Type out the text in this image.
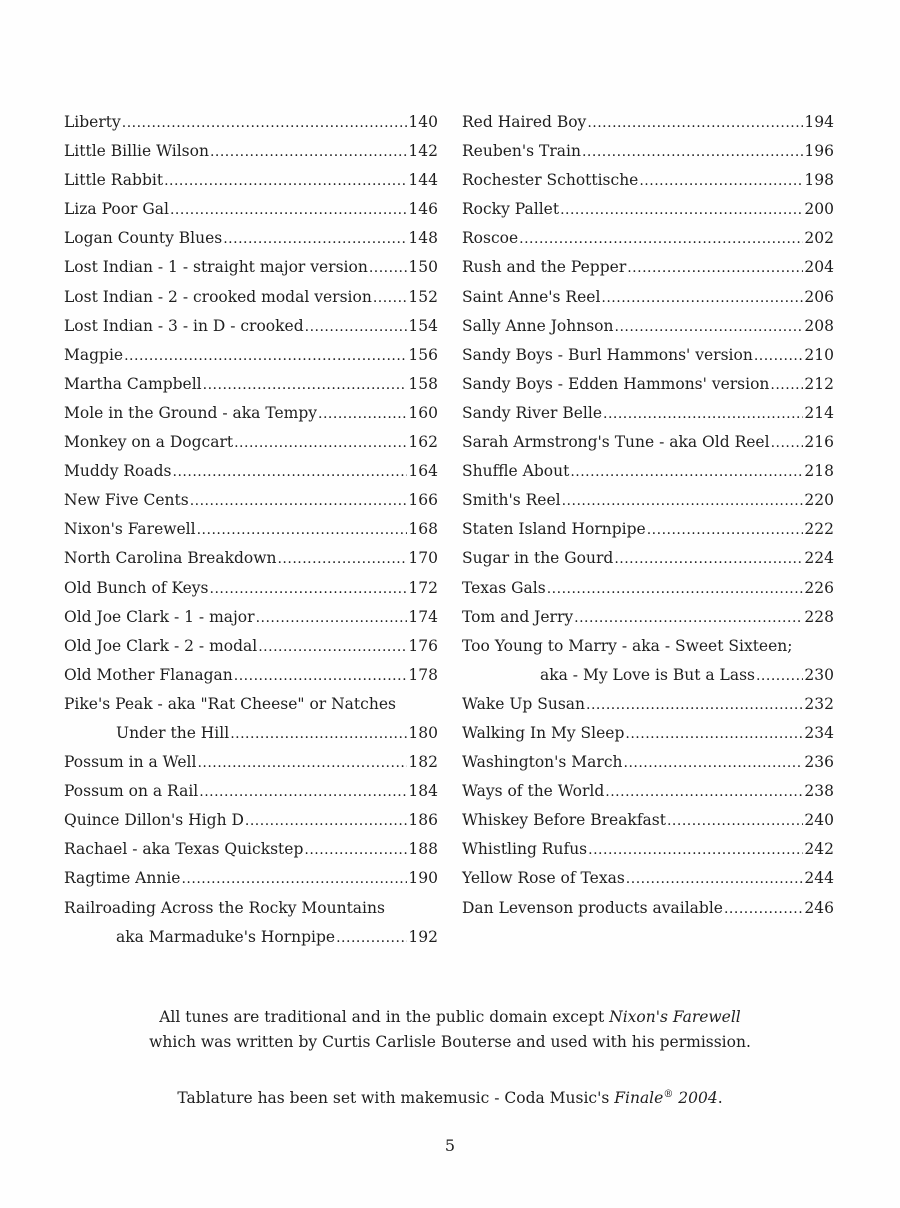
Liberty .....	140
Little Billie Wilson .....	142
Little Rabbit .....	144
Liza Poor Gal .....	146
Logan County Blues .....	148
Lost Indian - 1 - straight major version .....	150
Lost Indian - 2 - crooked modal version ..... 152
Lost Indian - 3 - in D - crooked .....	154
Magpie .....	156
Martha Campbell .....	158
Mole in the Ground - aka Tempy .....	160
Monkey on a Dogcart .....	162
Muddy Roads .....	164
New Five Cents .....	166
Nixon's Farewell .....	168
North Carolina Breakdown .....	170
Old Bunch of Keys .....	172
Old Joe Clark - 1 - major .....	174
Old Joe Clark - 2 - modal .....	176
Old Mother Flanagan .....	178
Pike's Peak - aka "Rat Cheese" or Natches
Under the Hill .....	180
Possum in a Well .....	182
Possum on a Rail .....	184
Quince Dillon's High D .....	186
Rachael - aka Texas Quickstep .....	188
Ragtime Annie .....	190
Railroading Across the Rocky Mountains
aka Marmaduke's Hornpipe .....	192
Red Haired Boy .....	194
Reuben's Train .....	196
Rochester Schottische .....	198
Rocky Pallet .....	200
Roscoe .....	202
Rush and the Pepper .....	204
Saint Anne's Reel .....	206
Sally Anne Johnson .....	208
Sandy Boys - Burl Hammons' version .....	210
Sandy Boys - Edden Hammons' version ..... 212
Sandy River Belle .....	214
Sarah Armstrong's Tune - aka Old Reel ..... 216
Shuffle About .....	218
Smith's Reel .....	220
Staten Island Hornpipe .....	222
Sugar in the Gourd .....	224
Texas Gals .....	226
Tom and Jerry .....	228
Too Young to Marry - aka - Sweet Sixteen;
aka - My Love is But a Lass .....	230
Wake Up Susan .....	232
Walking In My Sleep .....	234
Washington's March .....	236
Ways of the World .....	238
Whiskey Before Breakfast .....	240
Whistling Rufus .....	242
Yellow Rose of Texas .....	244
Dan Levenson products available .....	246
All tunes are traditional and in the public domain except Nixon's Farewell
which was written by Curtis Carlisle Bouterse and used with his permission.
Tablature has been set with makemusic - Coda Music's Finale® 2004.
5
